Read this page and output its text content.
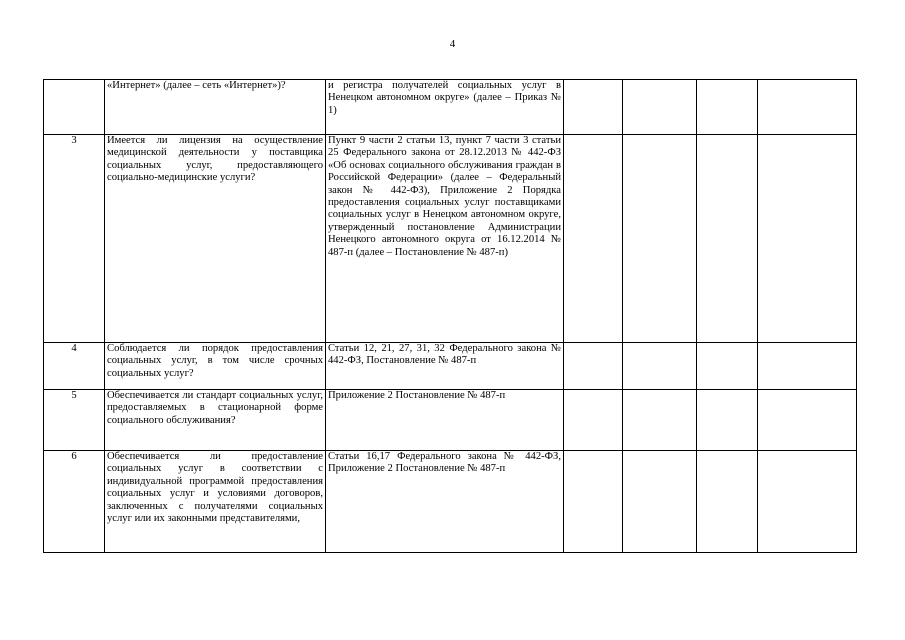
4

	«Интернет» (далее – сеть «Интернет»)?	и регистра получателей социальных услуг в Ненецком автономном округе» (далее – Приказ № 1)				

3	Имеется ли лицензия на осуществление медицинской деятельности у поставщика социальных услуг, предоставляющего социально-медицинские услуги?	Пункт 9 части 2 статьи 13, пункт 7 части 3 статьи 25 Федерального закона от 28.12.2013 № 442-ФЗ «Об основах социального обслуживания граждан в Российской Федерации» (далее – Федеральный закон № 442-ФЗ), Приложение 2 Порядка предоставления социальных услуг поставщиками социальных услуг в Ненецком автономном округе, утвержденный постановление Администрации Ненецкого автономного округа от 16.12.2014 № 487-п (далее – Постановление № 487-п)				

4	Соблюдается ли порядок предоставления социальных услуг, в том числе срочных социальных услуг?	Статьи 12, 21, 27, 31, 32 Федерального закона № 442-ФЗ, Постановление № 487-п				

5	Обеспечивается ли стандарт социальных услуг, предоставляемых в стационарной форме социального обслуживания?	Приложение 2 Постановление № 487-п				

6	Обеспечивается ли предоставление социальных услуг в соответствии с индивидуальной программой предоставления социальных услуг и условиями договоров, заключенных с получателями социальных услуг или их законными представителями,	Статьи 16,17 Федерального закона № 442-ФЗ, Приложение 2 Постановление № 487-п				
